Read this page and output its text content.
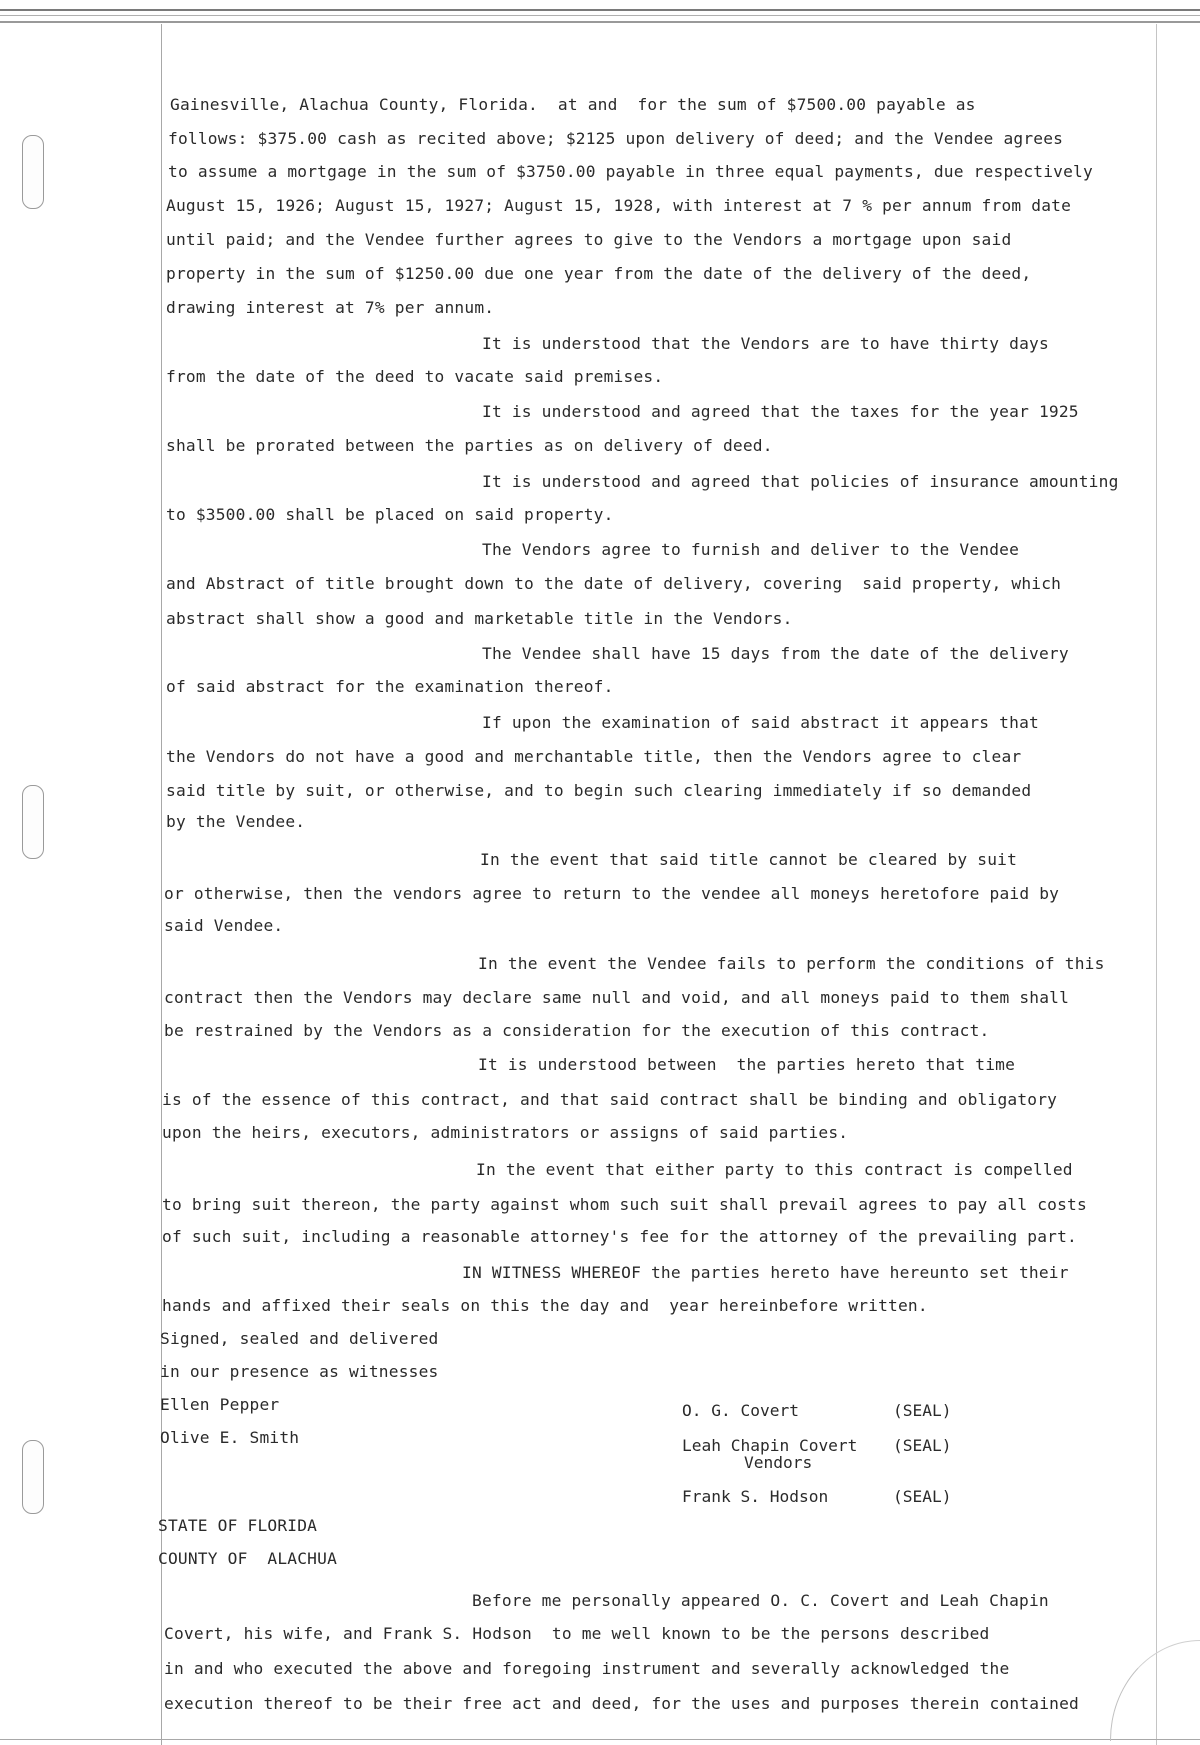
Gainesville, Alachua County, Florida.  at and  for the sum of $7500.00 payable as
follows: $375.00 cash as recited above; $2125 upon delivery of deed; and the Vendee agrees
to assume a mortgage in the sum of $3750.00 payable in three equal payments, due respectively
August 15, 1926; August 15, 1927; August 15, 1928, with interest at 7 % per annum from date
until paid; and the Vendee further agrees to give to the Vendors a mortgage upon said
property in the sum of $1250.00 due one year from the date of the delivery of the deed,
drawing interest at 7% per annum.
It is understood that the Vendors are to have thirty days
from the date of the deed to vacate said premises.
It is understood and agreed that the taxes for the year 1925
shall be prorated between the parties as on delivery of deed.
It is understood and agreed that policies of insurance amounting
to $3500.00 shall be placed on said property.
The Vendors agree to furnish and deliver to the Vendee
and Abstract of title brought down to the date of delivery, covering  said property, which
abstract shall show a good and marketable title in the Vendors.
The Vendee shall have 15 days from the date of the delivery
of said abstract for the examination thereof.
If upon the examination of said abstract it appears that
the Vendors do not have a good and merchantable title, then the Vendors agree to clear
said title by suit, or otherwise, and to begin such clearing immediately if so demanded
by the Vendee.
In the event that said title cannot be cleared by suit
or otherwise, then the vendors agree to return to the vendee all moneys heretofore paid by
said Vendee.
In the event the Vendee fails to perform the conditions of this
contract then the Vendors may declare same null and void, and all moneys paid to them shall
be restrained by the Vendors as a consideration for the execution of this contract.
It is understood between  the parties hereto that time
is of the essence of this contract, and that said contract shall be binding and obligatory
upon the heirs, executors, administrators or assigns of said parties.
In the event that either party to this contract is compelled
to bring suit thereon, the party against whom such suit shall prevail agrees to pay all costs
of such suit, including a reasonable attorney's fee for the attorney of the prevailing part.
IN WITNESS WHEREOF the parties hereto have hereunto set their
hands and affixed their seals on this the day and  year hereinbefore written.
Signed, sealed and delivered
in our presence as witnesses
Ellen Pepper
Olive E. Smith
O. G. Covert	(SEAL)
Leah Chapin Covert (SEAL)
Vendors
Frank S. Hodson	(SEAL)
STATE OF FLORIDA
COUNTY OF  ALACHUA
Before me personally appeared O. C. Covert and Leah Chapin
Covert, his wife, and Frank S. Hodson  to me well known to be the persons described
in and who executed the above and foregoing instrument and severally acknowledged the
execution thereof to be their free act and deed, for the uses and purposes therein contained
